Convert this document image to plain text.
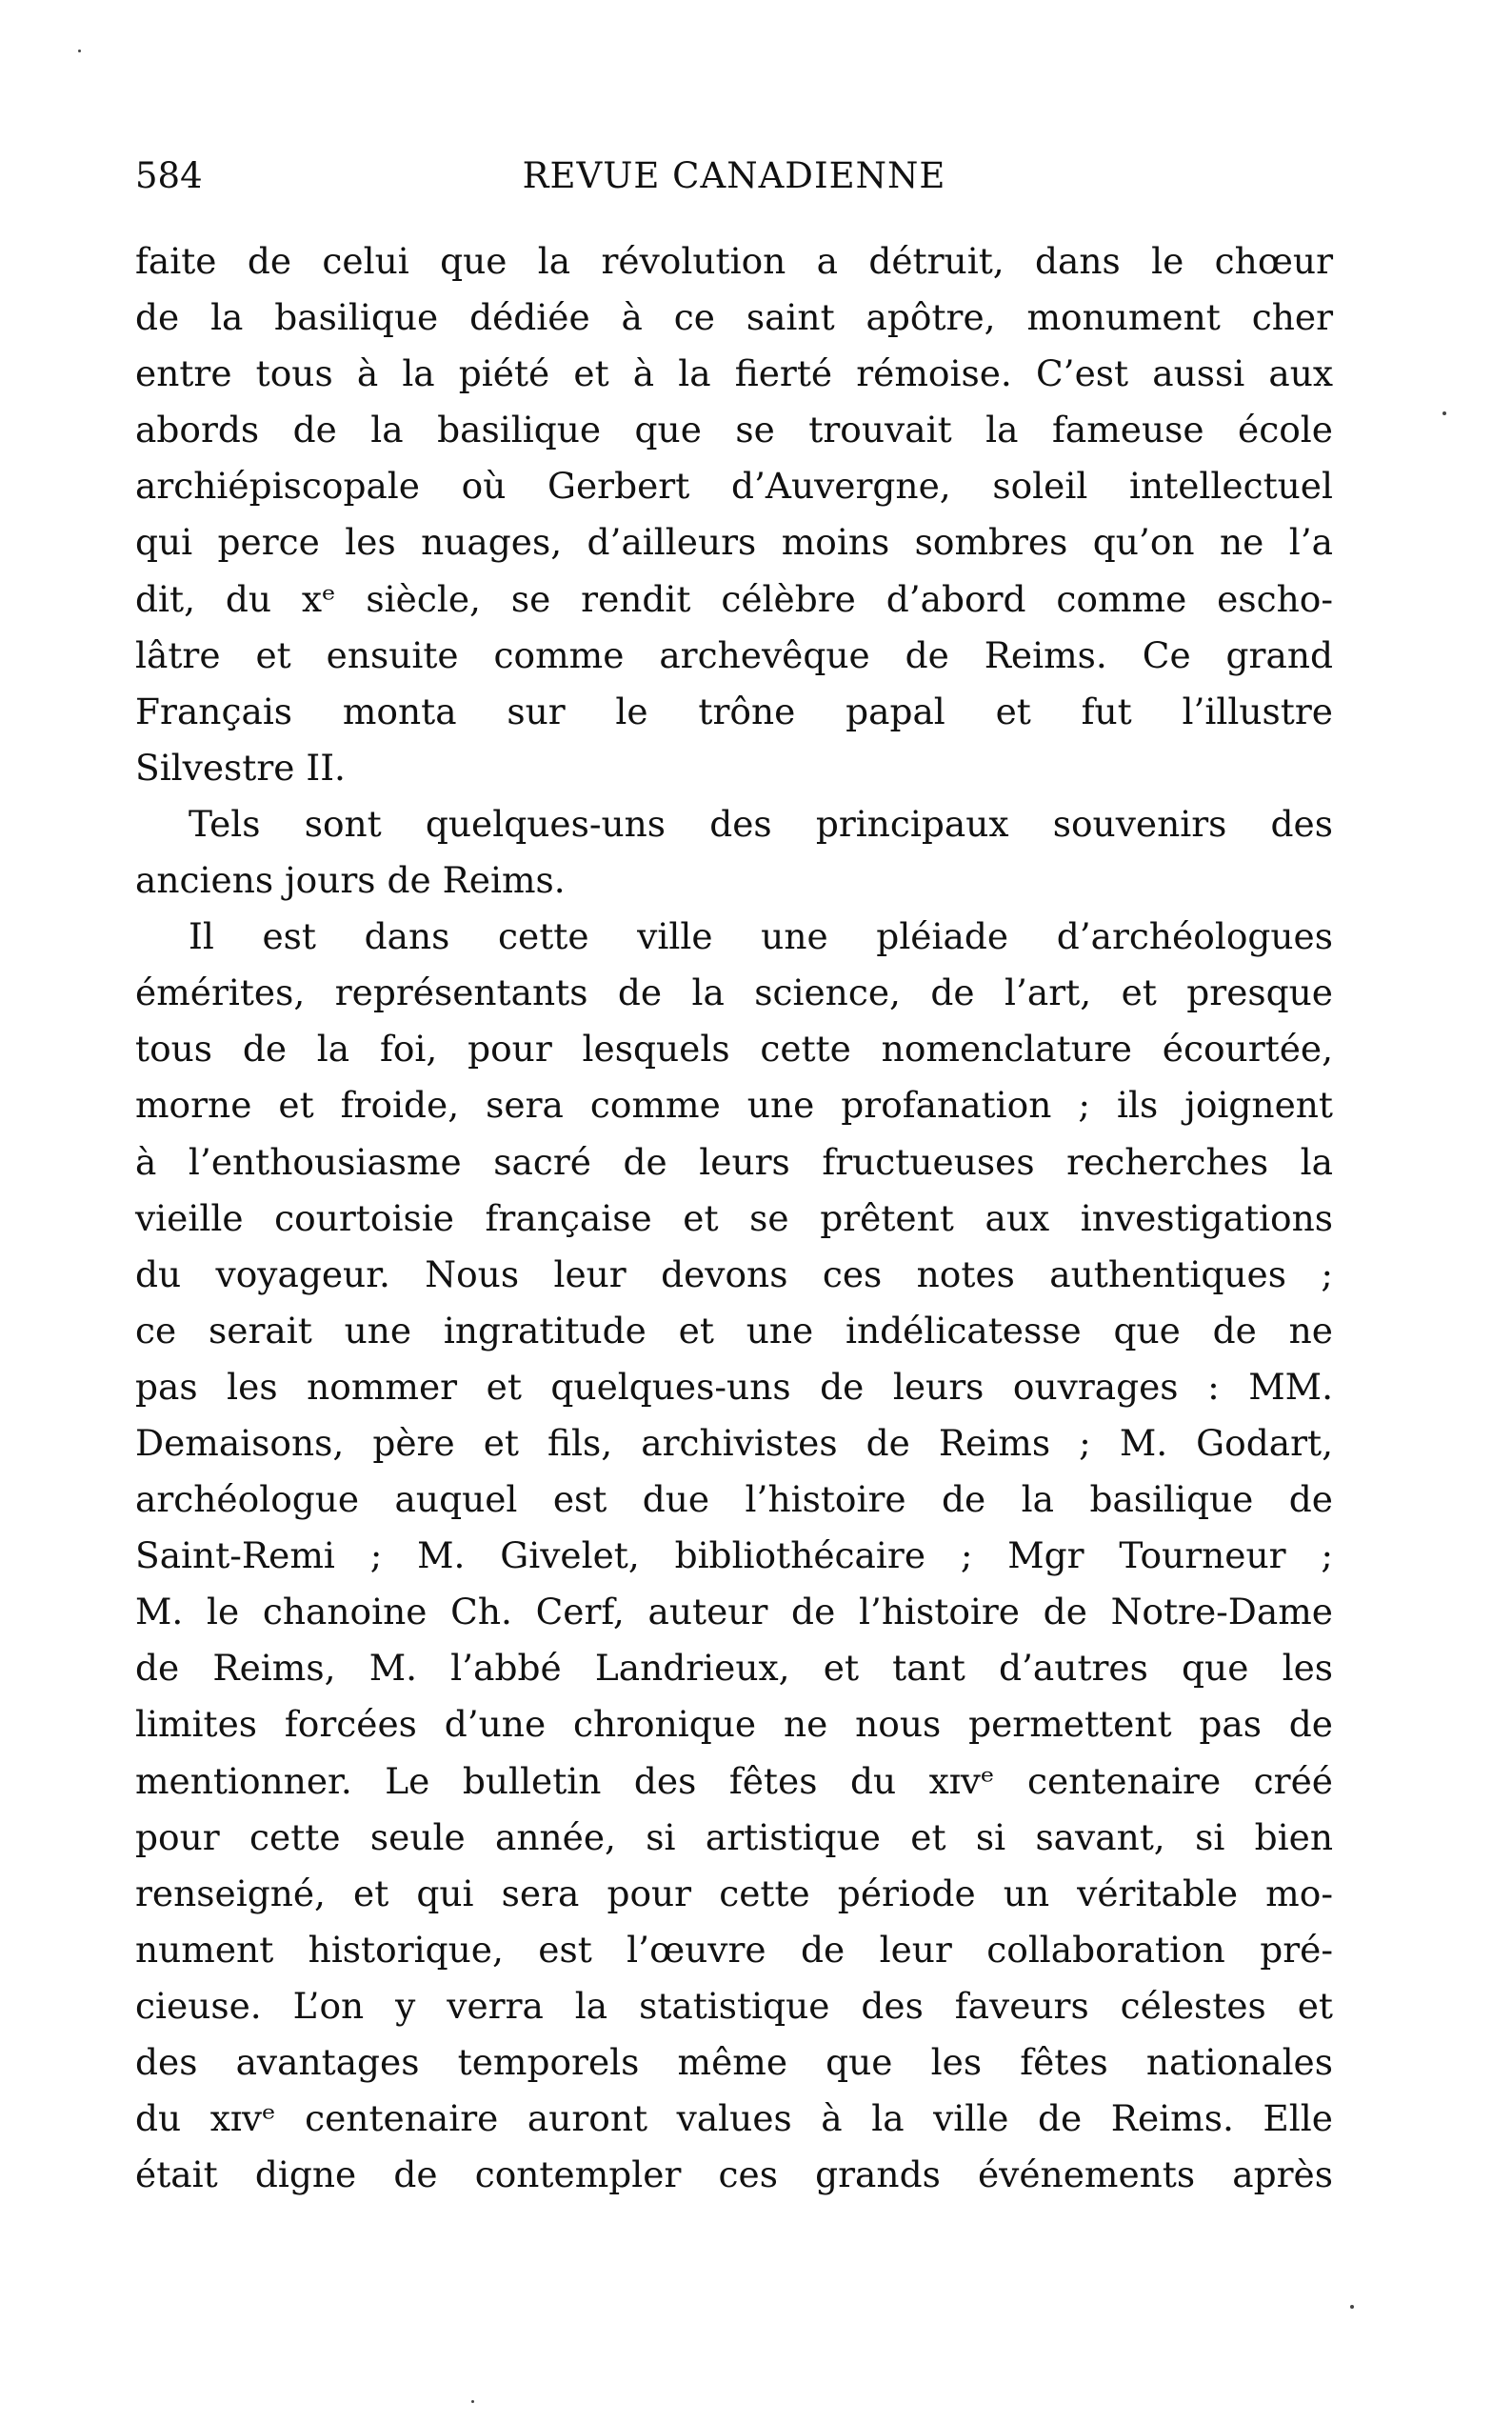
584	REVUE CANADIENNE
faite de celui que la révolution a détruit, dans le chœur
de la basilique dédiée à ce saint apôtre, monument cher
entre tous à la piété et à la fierté rémoise. C’est aussi aux
abords de la basilique que se trouvait la fameuse école
archiépiscopale où Gerbert d’Auvergne, soleil intellectuel
qui perce les nuages, d’ailleurs moins sombres qu’on ne l’a
dit, du xᵉ siècle, se rendit célèbre d’abord comme escho-
lâtre et ensuite comme archevêque de Reims. Ce grand
Français monta sur le trône papal et fut l’illustre
Silvestre II.
Tels sont quelques-uns des principaux souvenirs des
anciens jours de Reims.
Il est dans cette ville une pléiade d’archéologues
émérites, représentants de la science, de l’art, et presque
tous de la foi, pour lesquels cette nomenclature écourtée,
morne et froide, sera comme une profanation ; ils joignent
à l’enthousiasme sacré de leurs fructueuses recherches la
vieille courtoisie française et se prêtent aux investigations
du voyageur. Nous leur devons ces notes authentiques ;
ce serait une ingratitude et une indélicatesse que de ne
pas les nommer et quelques-uns de leurs ouvrages : MM.
Demaisons, père et fils, archivistes de Reims ; M. Godart,
archéologue auquel est due l’histoire de la basilique de
Saint-Remi ; M. Givelet, bibliothécaire ; Mgr Tourneur ;
M. le chanoine Ch. Cerf, auteur de l’histoire de Notre-Dame
de Reims, M. l’abbé Landrieux, et tant d’autres que les
limites forcées d’une chronique ne nous permettent pas de
mentionner. Le bulletin des fêtes du xɪᴠᵉ centenaire créé
pour cette seule année, si artistique et si savant, si bien
renseigné, et qui sera pour cette période un véritable mo-
nument historique, est l’œuvre de leur collaboration pré-
cieuse. L’on y verra la statistique des faveurs célestes et
des avantages temporels même que les fêtes nationales
du xɪᴠᵉ centenaire auront values à la ville de Reims. Elle
était digne de contempler ces grands événements après
